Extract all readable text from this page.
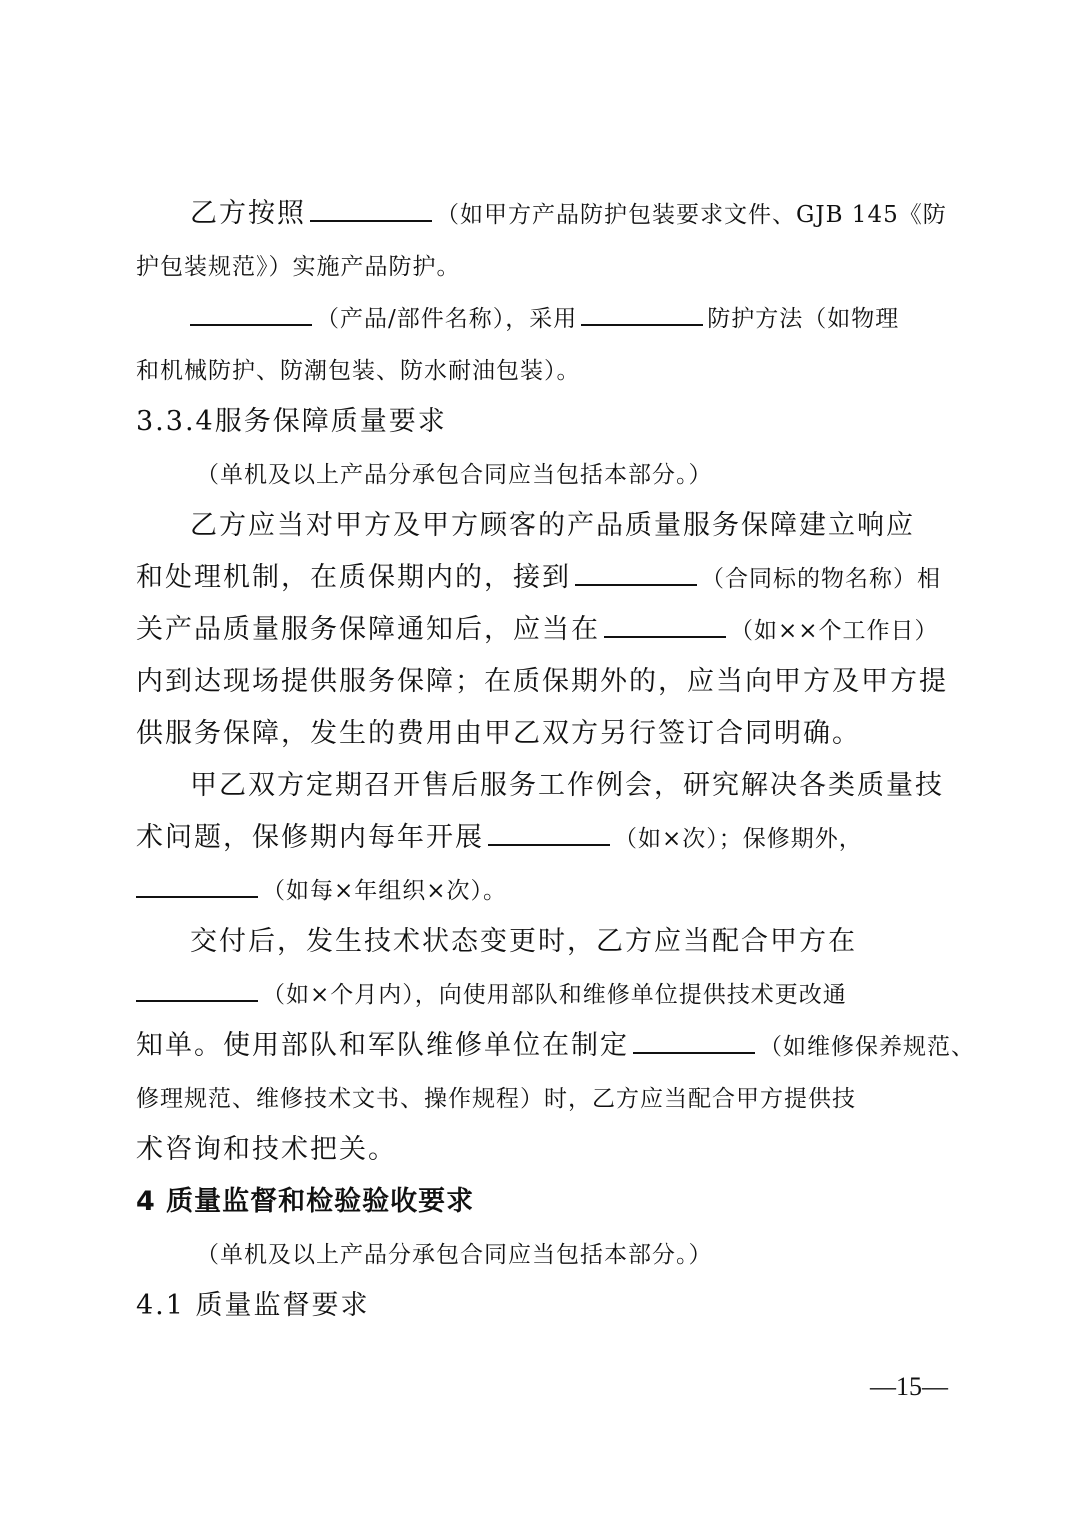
乙方按照	（如甲方产品防护包装要求文件、GJB 145《防
护包装规范》）实施产品防护。
（产品/部件名称），采用	防护方法（如物理
和机械防护、防潮包装、防水耐油包装）。
3.3.4服务保障质量要求
（单机及以上产品分承包合同应当包括本部分。）
乙方应当对甲方及甲方顾客的产品质量服务保障建立响应
和处理机制，在质保期内的，接到	（合同标的物名称）相
关产品质量服务保障通知后，应当在	（如××个工作日）
内到达现场提供服务保障；在质保期外的，应当向甲方及甲方提
供服务保障，发生的费用由甲乙双方另行签订合同明确。
甲乙双方定期召开售后服务工作例会，研究解决各类质量技
术问题，保修期内每年开展	（如×次）；保修期外，
（如每×年组织×次）。
交付后，发生技术状态变更时，乙方应当配合甲方在
（如×个月内），向使用部队和维修单位提供技术更改通
知单。使用部队和军队维修单位在制定	（如维修保养规范、
修理规范、维修技术文书、操作规程）时，乙方应当配合甲方提供技
术咨询和技术把关。
4 质量监督和检验验收要求
（单机及以上产品分承包合同应当包括本部分。）
4.1 质量监督要求
—15—
